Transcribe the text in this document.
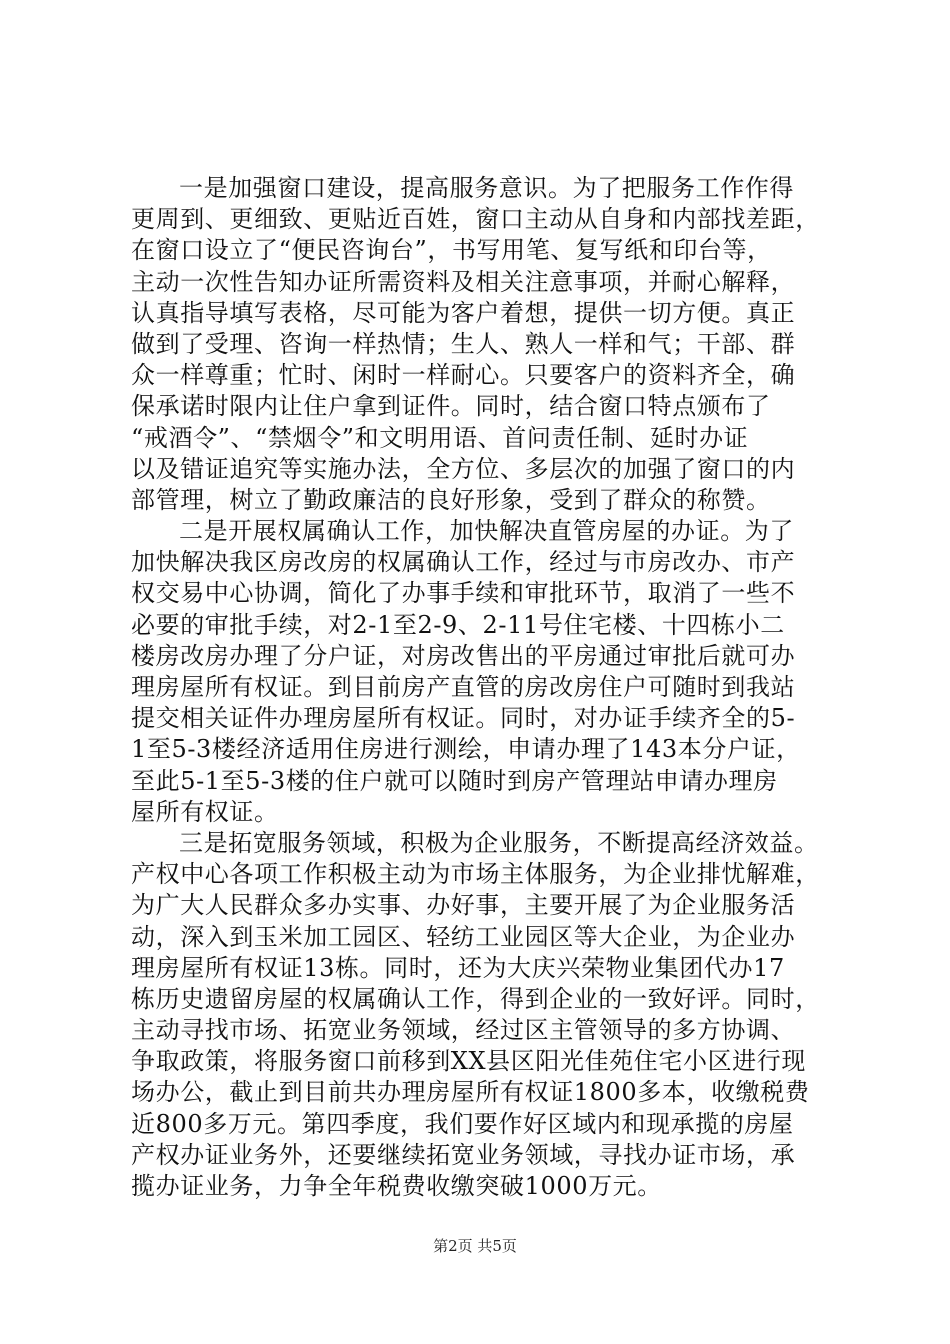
一是加强窗口建设，提高服务意识。为了把服务工作作得
更周到、更细致、更贴近百姓，窗口主动从自身和内部找差距，
在窗口设立了“便民咨询台”，书写用笔、复写纸和印台等，
主动一次性告知办证所需资料及相关注意事项，并耐心解释，
认真指导填写表格，尽可能为客户着想，提供一切方便。真正
做到了受理、咨询一样热情；生人、熟人一样和气；干部、群
众一样尊重；忙时、闲时一样耐心。只要客户的资料齐全，确
保承诺时限内让住户拿到证件。同时，结合窗口特点颁布了
“戒酒令”、“禁烟令”和文明用语、首问责任制、延时办证
以及错证追究等实施办法，全方位、多层次的加强了窗口的内
部管理，树立了勤政廉洁的良好形象，受到了群众的称赞。
二是开展权属确认工作，加快解决直管房屋的办证。为了
加快解决我区房改房的权属确认工作，经过与市房改办、市产
权交易中心协调，简化了办事手续和审批环节，取消了一些不
必要的审批手续，对2-1至2-9、2-11号住宅楼、十四栋小二
楼房改房办理了分户证，对房改售出的平房通过审批后就可办
理房屋所有权证。到目前房产直管的房改房住户可随时到我站
提交相关证件办理房屋所有权证。同时，对办证手续齐全的5-
1至5-3楼经济适用住房进行测绘，申请办理了143本分户证，
至此5-1至5-3楼的住户就可以随时到房产管理站申请办理房
屋所有权证。
三是拓宽服务领域，积极为企业服务，不断提高经济效益。
产权中心各项工作积极主动为市场主体服务，为企业排忧解难，
为广大人民群众多办实事、办好事，主要开展了为企业服务活
动，深入到玉米加工园区、轻纺工业园区等大企业，为企业办
理房屋所有权证13栋。同时，还为大庆兴荣物业集团代办17
栋历史遗留房屋的权属确认工作，得到企业的一致好评。同时，
主动寻找市场、拓宽业务领域，经过区主管领导的多方协调、
争取政策，将服务窗口前移到XX县区阳光佳苑住宅小区进行现
场办公，截止到目前共办理房屋所有权证1800多本，收缴税费
近800多万元。第四季度，我们要作好区域内和现承揽的房屋
产权办证业务外，还要继续拓宽业务领域，寻找办证市场，承
揽办证业务，力争全年税费收缴突破1000万元。
第2页 共5页
